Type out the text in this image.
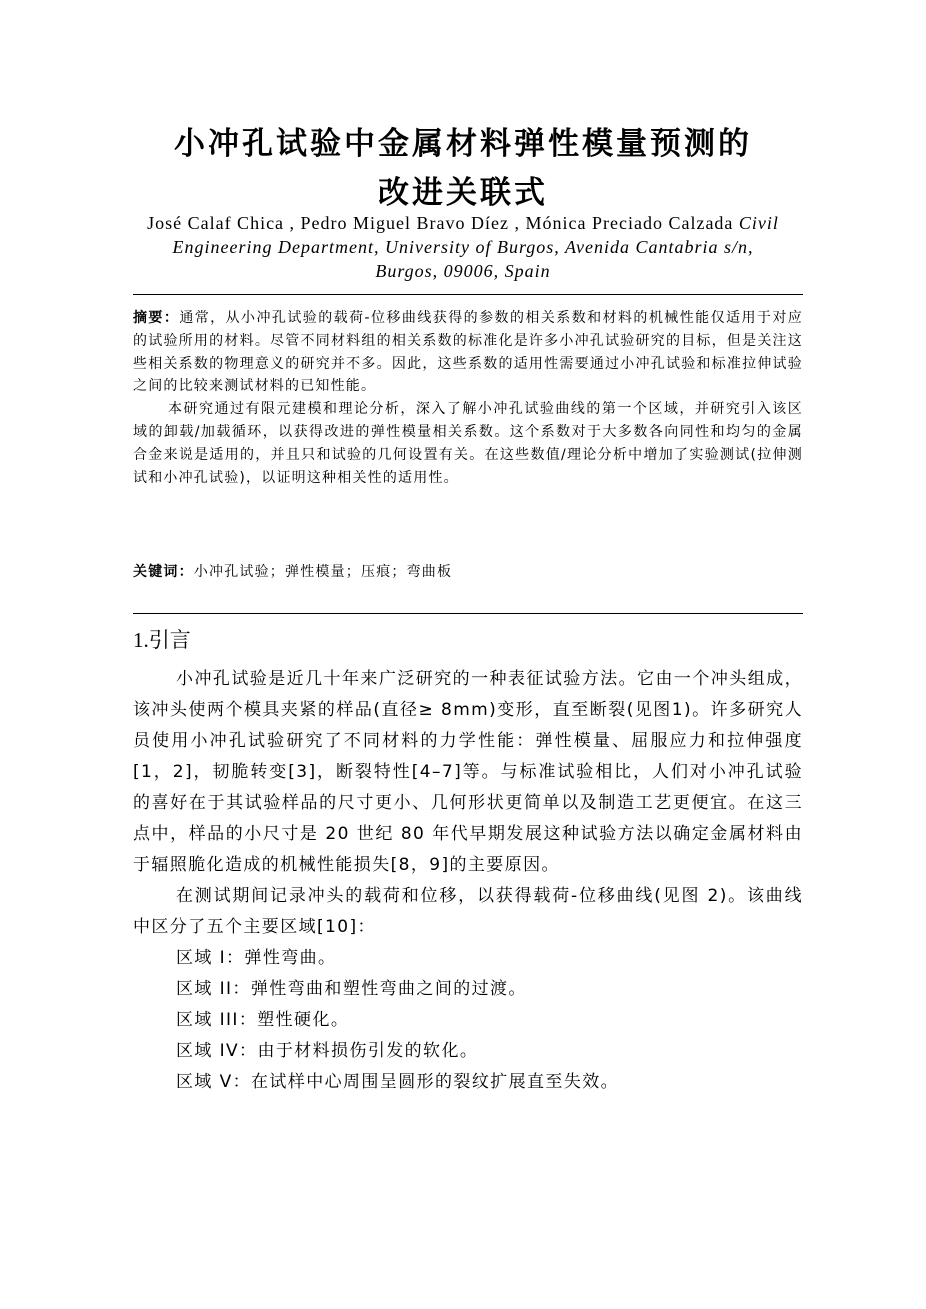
小冲孔试验中金属材料弹性模量预测的
改进关联式
José Calaf Chica , Pedro Miguel Bravo Díez , Mónica Preciado Calzada Civil
Engineering Department, University of Burgos, Avenida Cantabria s/n,
Burgos, 09006, Spain

摘要：通常，从小冲孔试验的载荷-位移曲线获得的参数的相关系数和材料的机械性能仅适用于对应的试验所用的材料。尽管不同材料组的相关系数的标准化是许多小冲孔试验研究的目标，但是关注这些相关系数的物理意义的研究并不多。因此，这些系数的适用性需要通过小冲孔试验和标准拉伸试验之间的比较来测试材料的已知性能。

本研究通过有限元建模和理论分析，深入了解小冲孔试验曲线的第一个区域，并研究引入该区域的卸载/加载循环，以获得改进的弹性模量相关系数。这个系数对于大多数各向同性和均匀的金属合金来说是适用的，并且只和试验的几何设置有关。在这些数值/理论分析中增加了实验测试(拉伸测试和小冲孔试验)，以证明这种相关性的适用性。

关键词：小冲孔试验；弹性模量；压痕；弯曲板
1.引言

小冲孔试验是近几十年来广泛研究的一种表征试验方法。它由一个冲头组成，该冲头使两个模具夹紧的样品(直径≥ 8mm)变形，直至断裂(见图1)。许多研究人员使用小冲孔试验研究了不同材料的力学性能：弹性模量、屈服应力和拉伸强度[1，2]，韧脆转变[3]，断裂特性[4–7]等。与标准试验相比，人们对小冲孔试验的喜好在于其试验样品的尺寸更小、几何形状更简单以及制造工艺更便宜。在这三点中，样品的小尺寸是 20 世纪 80 年代早期发展这种试验方法以确定金属材料由于辐照脆化造成的机械性能损失[8，9]的主要原因。

在测试期间记录冲头的载荷和位移，以获得载荷-位移曲线(见图 2)。该曲线中区分了五个主要区域[10]：

区域 I：弹性弯曲。
区域 II：弹性弯曲和塑性弯曲之间的过渡。
区域 III：塑性硬化。
区域 IV：由于材料损伤引发的软化。
区域 V：在试样中心周围呈圆形的裂纹扩展直至失效。
